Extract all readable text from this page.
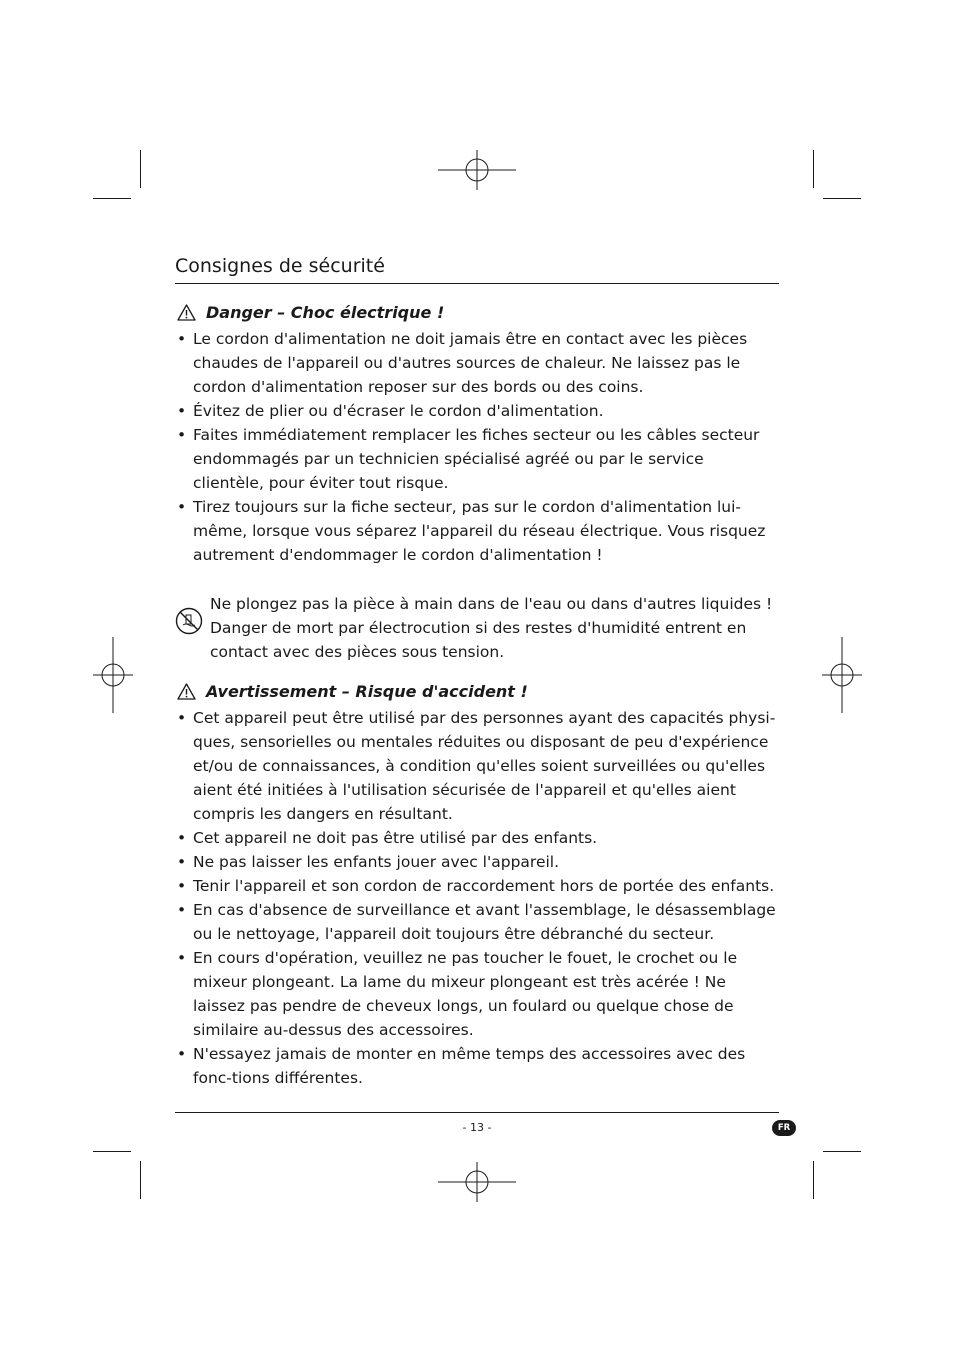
Consignes de sécurité
Danger – Choc électrique !
• Le cordon d'alimentation ne doit jamais être en contact avec les pièces chaudes de l'appareil ou d'autres sources de chaleur. Ne laissez pas le cordon d'alimentation reposer sur des bords ou des coins.
• Évitez de plier ou d'écraser le cordon d'alimentation.
• Faites immédiatement remplacer les fiches secteur ou les câbles secteur endommagés par un technicien spécialisé agréé ou par le service clientèle, pour éviter tout risque.
• Tirez toujours sur la fiche secteur, pas sur le cordon d'alimentation lui-même, lorsque vous séparez l'appareil du réseau électrique. Vous risquez autrement d'endommager le cordon d'alimentation !

Ne plongez pas la pièce à main dans de l'eau ou dans d'autres liquides ! Danger de mort par électrocution si des restes d'humidité entrent en contact avec des pièces sous tension.

Avertissement – Risque d'accident !
• Cet appareil peut être utilisé par des personnes ayant des capacités physi-ques, sensorielles ou mentales réduites ou disposant de peu d'expérience et/ou de connaissances, à condition qu'elles soient surveillées ou qu'elles aient été initiées à l'utilisation sécurisée de l'appareil et qu'elles aient compris les dangers en résultant.
• Cet appareil ne doit pas être utilisé par des enfants.
• Ne pas laisser les enfants jouer avec l'appareil.
• Tenir l'appareil et son cordon de raccordement hors de portée des enfants.
• En cas d'absence de surveillance et avant l'assemblage, le désassemblage ou le nettoyage, l'appareil doit toujours être débranché du secteur.
• En cours d'opération, veuillez ne pas toucher le fouet, le crochet ou le mixeur plongeant. La lame du mixeur plongeant est très acérée ! Ne laissez pas pendre de cheveux longs, un foulard ou quelque chose de similaire au-dessus des accessoires.
• N'essayez jamais de monter en même temps des accessoires avec des fonc-tions différentes.
- 13 -	FR
